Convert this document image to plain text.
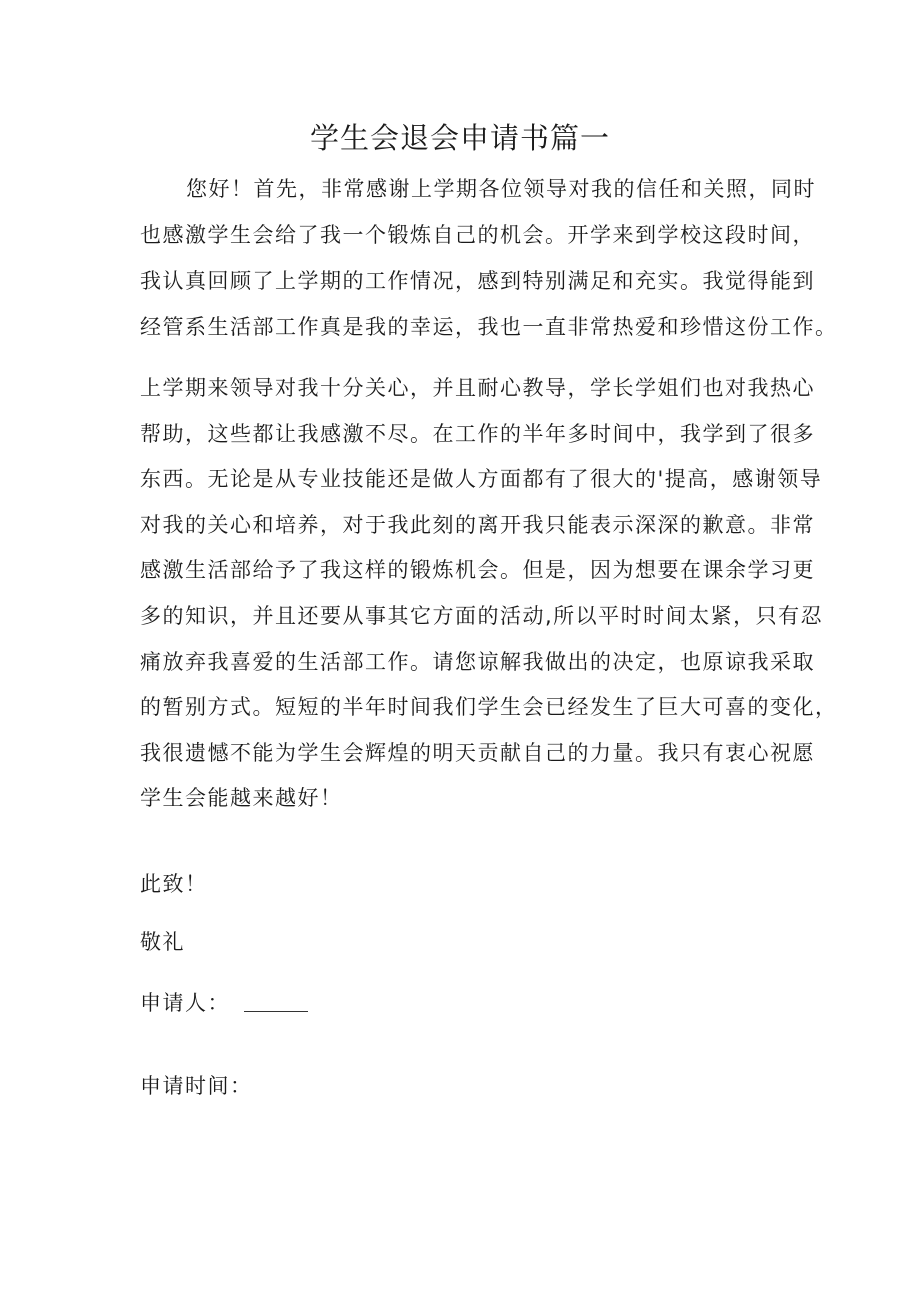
学生会退会申请书篇一
您好！首先，非常感谢上学期各位领导对我的信任和关照，同时
也感激学生会给了我一个锻炼自己的机会。开学来到学校这段时间，
我认真回顾了上学期的工作情况，感到特别满足和充实。我觉得能到
经管系生活部工作真是我的幸运，我也一直非常热爱和珍惜这份工作。
上学期来领导对我十分关心，并且耐心教导，学长学姐们也对我热心
帮助，这些都让我感激不尽。在工作的半年多时间中，我学到了很多
东西。无论是从专业技能还是做人方面都有了很大的'提高，感谢领导
对我的关心和培养，对于我此刻的离开我只能表示深深的歉意。非常
感激生活部给予了我这样的锻炼机会。但是，因为想要在课余学习更
多的知识，并且还要从事其它方面的活动,所以平时时间太紧，只有忍
痛放弃我喜爱的生活部工作。请您谅解我做出的决定，也原谅我采取
的暂别方式。短短的半年时间我们学生会已经发生了巨大可喜的变化，
我很遗憾不能为学生会辉煌的明天贡献自己的力量。我只有衷心祝愿
学生会能越来越好！
此致！
敬礼
申请人：
申请时间：
